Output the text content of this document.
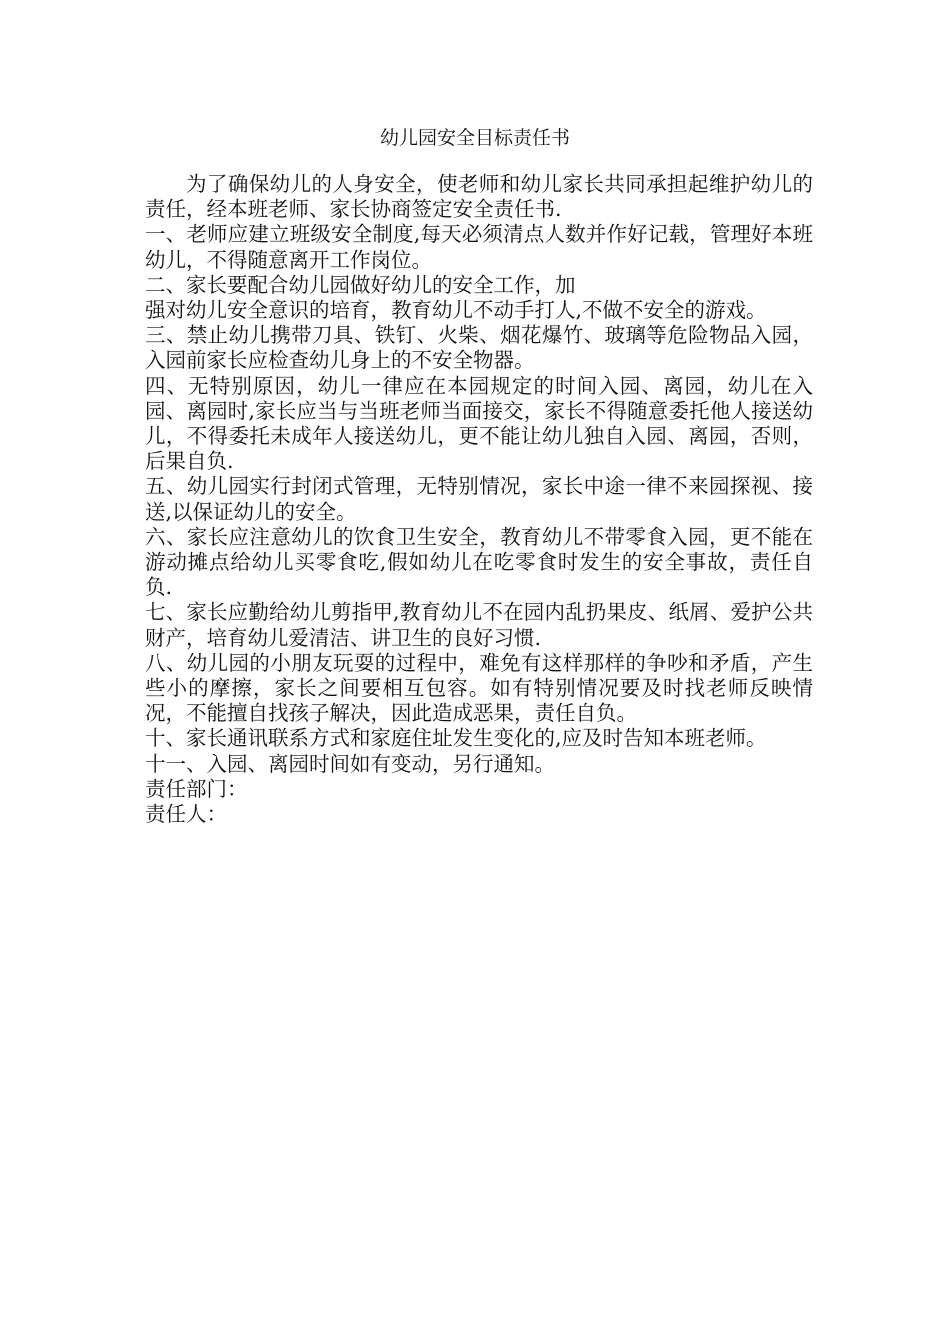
幼儿园安全目标责任书

为了确保幼儿的人身安全，使老师和幼儿家长共同承担起维护幼儿的责任，经本班老师、家长协商签定安全责任书.

一、老师应建立班级安全制度,每天必须清点人数并作好记载，管理好本班幼儿，不得随意离开工作岗位。

二、家长要配合幼儿园做好幼儿的安全工作，加

强对幼儿安全意识的培育，教育幼儿不动手打人,不做不安全的游戏。

三、禁止幼儿携带刀具、铁钉、火柴、烟花爆竹、玻璃等危险物品入园，入园前家长应检查幼儿身上的不安全物器。

四、无特别原因，幼儿一律应在本园规定的时间入园、离园，幼儿在入园、离园时,家长应当与当班老师当面接交，家长不得随意委托他人接送幼儿，不得委托未成年人接送幼儿，更不能让幼儿独自入园、离园，否则，后果自负.

五、幼儿园实行封闭式管理，无特别情况，家长中途一律不来园探视、接送,以保证幼儿的安全。

六、家长应注意幼儿的饮食卫生安全，教育幼儿不带零食入园，更不能在游动摊点给幼儿买零食吃,假如幼儿在吃零食时发生的安全事故，责任自负.

七、家长应勤给幼儿剪指甲,教育幼儿不在园内乱扔果皮、纸屑、爱护公共财产，培育幼儿爱清洁、讲卫生的良好习惯.

八、幼儿园的小朋友玩耍的过程中，难免有这样那样的争吵和矛盾，产生些小的摩擦，家长之间要相互包容。如有特别情况要及时找老师反映情况，不能擅自找孩子解决，因此造成恶果，责任自负。

十、家长通讯联系方式和家庭住址发生变化的,应及时告知本班老师。

十一、入园、离园时间如有变动，另行通知。

责任部门：

责任人：
